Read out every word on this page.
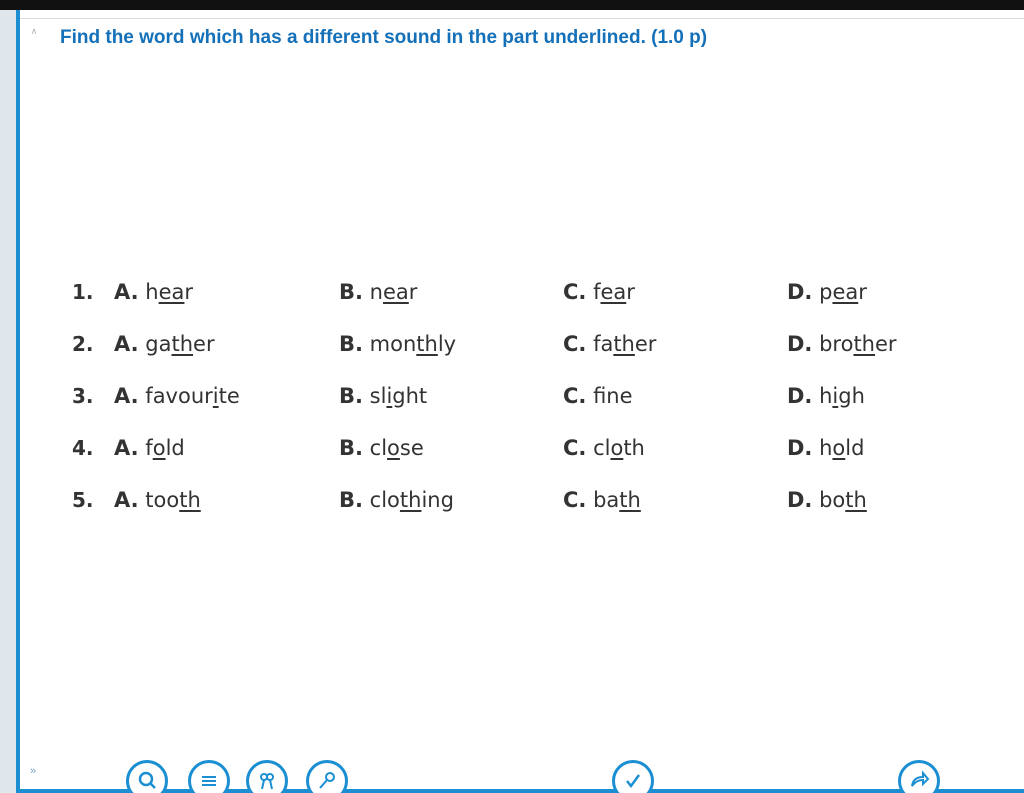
∧
»
Find the word which has a different sound in the part underlined. (1.0 p)
1. A. hear	B. near	C. fear	D. pear
2. A. gather	B. monthly	C. father	D. brother
3. A. favourite	B. slight	C. fne	D. high
4. A. fold	B. close	C. cloth	D. hold
5. A. tooth	B. clothing	C. bath	D. both
